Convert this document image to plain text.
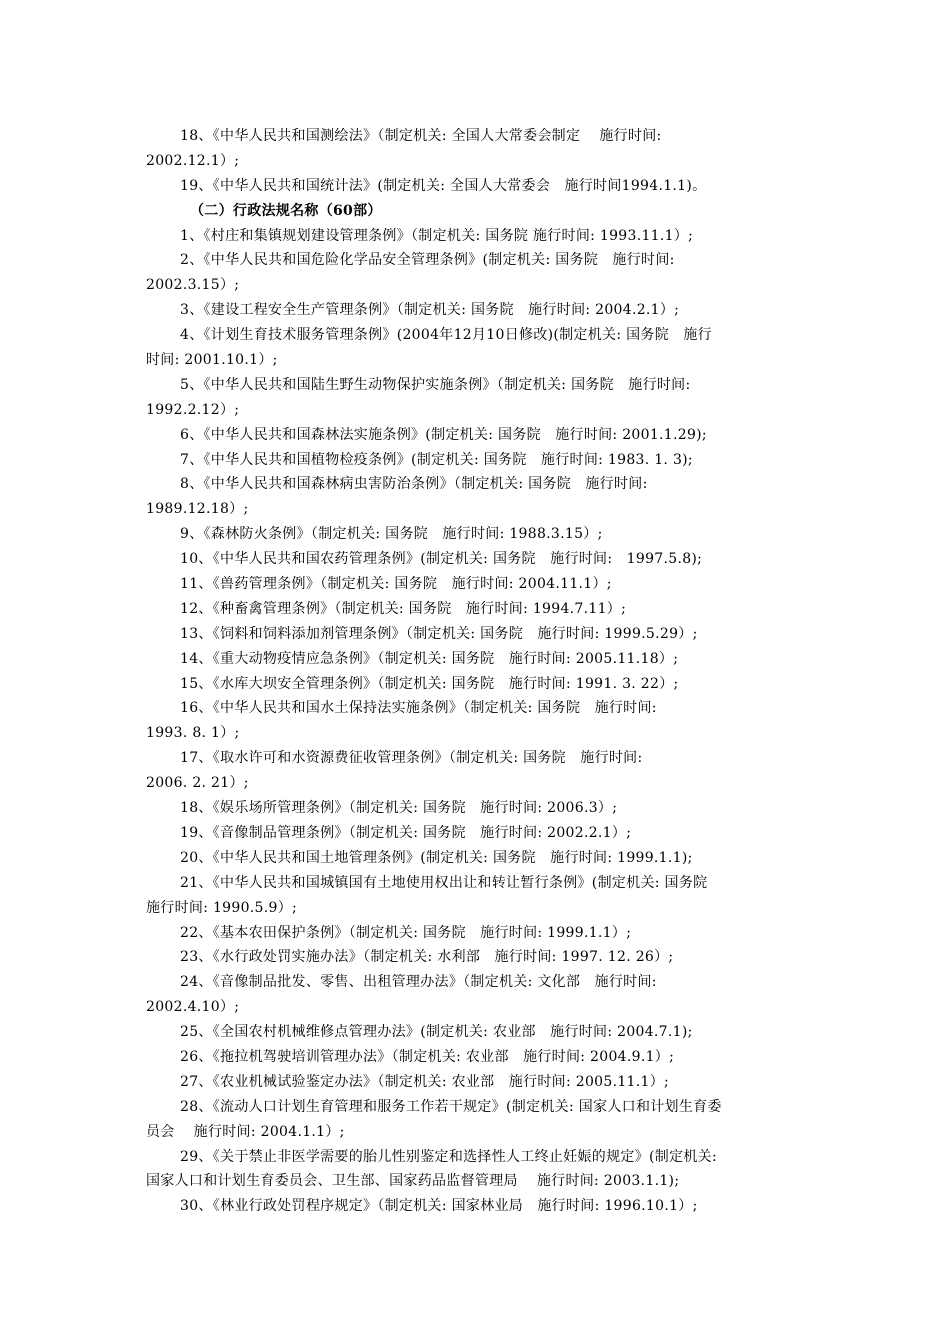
18、《中华人民共和国测绘法》（制定机关: 全国人大常委会制定　 施行时间:
2002.12.1）;
19、《中华人民共和国统计法》(制定机关: 全国人大常委会　施行时间1994.1.1)。
（二）行政法规名称（60部）
1、《村庄和集镇规划建设管理条例》（制定机关: 国务院 施行时间: 1993.11.1）;
2、《中华人民共和国危险化学品安全管理条例》(制定机关: 国务院　施行时间:
2002.3.15）;
3、《建设工程安全生产管理条例》（制定机关: 国务院　施行时间: 2004.2.1）;
4、《计划生育技术服务管理条例》(2004年12月10日修改)(制定机关: 国务院　施行
时间: 2001.10.1）;
5、《中华人民共和国陆生野生动物保护实施条例》（制定机关: 国务院　施行时间:
1992.2.12）;
6、《中华人民共和国森林法实施条例》(制定机关: 国务院　施行时间: 2001.1.29);
7、《中华人民共和国植物检疫条例》(制定机关: 国务院　施行时间: 1983. 1. 3);
8、《中华人民共和国森林病虫害防治条例》（制定机关: 国务院　施行时间:
1989.12.18）;
9、《森林防火条例》（制定机关: 国务院　施行时间: 1988.3.15）;
10、《中华人民共和国农药管理条例》(制定机关: 国务院　施行时间:　1997.5.8);
11、《兽药管理条例》（制定机关: 国务院　施行时间: 2004.11.1）;
12、《种畜禽管理条例》（制定机关: 国务院　施行时间: 1994.7.11）;
13、《饲料和饲料添加剂管理条例》（制定机关: 国务院　施行时间: 1999.5.29）;
14、《重大动物疫情应急条例》（制定机关: 国务院　施行时间: 2005.11.18）;
15、《水库大坝安全管理条例》（制定机关: 国务院　施行时间: 1991. 3. 22）;
16、《中华人民共和国水土保持法实施条例》（制定机关: 国务院　施行时间:
1993. 8. 1）;
17、《取水许可和水资源费征收管理条例》（制定机关: 国务院　施行时间:
2006. 2. 21）;
18、《娱乐场所管理条例》（制定机关: 国务院　施行时间: 2006.3）;
19、《音像制品管理条例》（制定机关: 国务院　施行时间: 2002.2.1）;
20、《中华人民共和国土地管理条例》(制定机关: 国务院　施行时间: 1999.1.1);
21、《中华人民共和国城镇国有土地使用权出让和转让暂行条例》(制定机关: 国务院
施行时间: 1990.5.9）;
22、《基本农田保护条例》（制定机关: 国务院　施行时间: 1999.1.1）;
23、《水行政处罚实施办法》（制定机关: 水利部　施行时间: 1997. 12. 26）;
24、《音像制品批发、零售、出租管理办法》（制定机关: 文化部　施行时间:
2002.4.10）;
25、《全国农村机械维修点管理办法》(制定机关: 农业部　施行时间: 2004.7.1);
26、《拖拉机驾驶培训管理办法》（制定机关: 农业部　施行时间: 2004.9.1）;
27、《农业机械试验鉴定办法》（制定机关: 农业部　施行时间: 2005.11.1）;
28、《流动人口计划生育管理和服务工作若干规定》(制定机关: 国家人口和计划生育委
员会　 施行时间: 2004.1.1）;
29、《关于禁止非医学需要的胎儿性别鉴定和选择性人工终止妊娠的规定》(制定机关:
国家人口和计划生育委员会、卫生部、国家药品监督管理局　 施行时间: 2003.1.1);
30、《林业行政处罚程序规定》（制定机关: 国家林业局　施行时间: 1996.10.1）;
